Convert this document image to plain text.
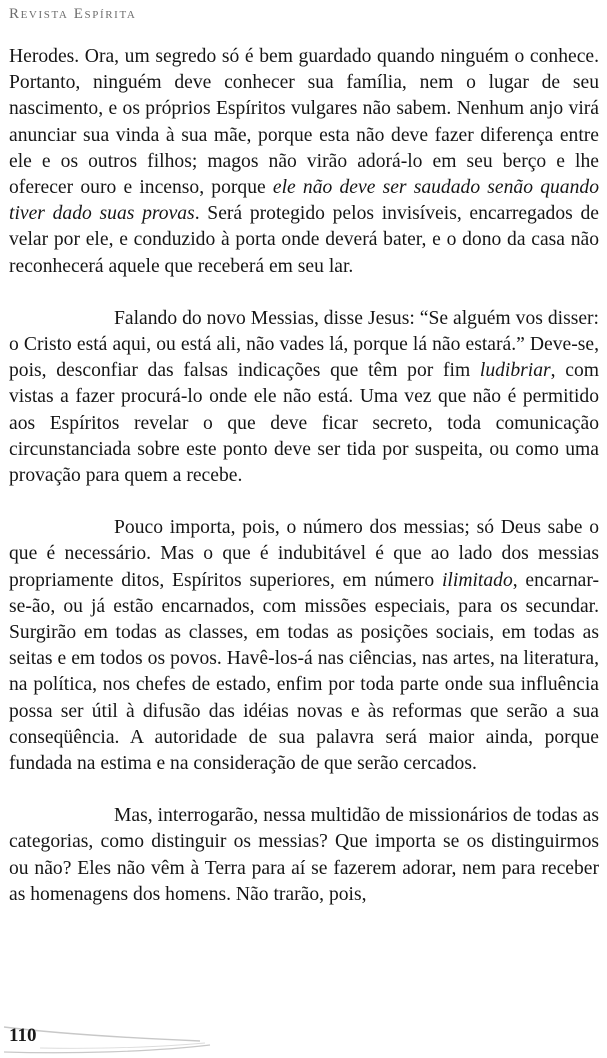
Revista Espírita

Herodes. Ora, um segredo só é bem guardado quando ninguém o conhece. Portanto, ninguém deve conhecer sua família, nem o lugar de seu nascimento, e os próprios Espíritos vulgares não sabem. Nenhum anjo virá anunciar sua vinda à sua mãe, porque esta não deve fazer diferença entre ele e os outros filhos; magos não virão adorá-lo em seu berço e lhe oferecer ouro e incenso, porque ele não deve ser saudado senão quando tiver dado suas provas. Será protegido pelos invisíveis, encarregados de velar por ele, e conduzido à porta onde deverá bater, e o dono da casa não reconhecerá aquele que receberá em seu lar.

Falando do novo Messias, disse Jesus: “Se alguém vos disser: o Cristo está aqui, ou está ali, não vades lá, porque lá não estará.” Deve-se, pois, desconfiar das falsas indicações que têm por fim ludibriar, com vistas a fazer procurá-lo onde ele não está. Uma vez que não é permitido aos Espíritos revelar o que deve ficar secreto, toda comunicação circunstanciada sobre este ponto deve ser tida por suspeita, ou como uma provação para quem a recebe.

Pouco importa, pois, o número dos messias; só Deus sabe o que é necessário. Mas o que é indubitável é que ao lado dos messias propriamente ditos, Espíritos superiores, em número ilimitado, encarnar-se-ão, ou já estão encarnados, com missões especiais, para os secundar. Surgirão em todas as classes, em todas as posições sociais, em todas as seitas e em todos os povos. Havê-los-á nas ciências, nas artes, na literatura, na política, nos chefes de estado, enfim por toda parte onde sua influência possa ser útil à difusão das idéias novas e às reformas que serão a sua conseqüência. A autoridade de sua palavra será maior ainda, porque fundada na estima e na consideração de que serão cercados.

Mas, interrogarão, nessa multidão de missionários de todas as categorias, como distinguir os messias? Que importa se os distinguirmos ou não? Eles não vêm à Terra para aí se fazerem adorar, nem para receber as homenagens dos homens. Não trarão, pois,

110
